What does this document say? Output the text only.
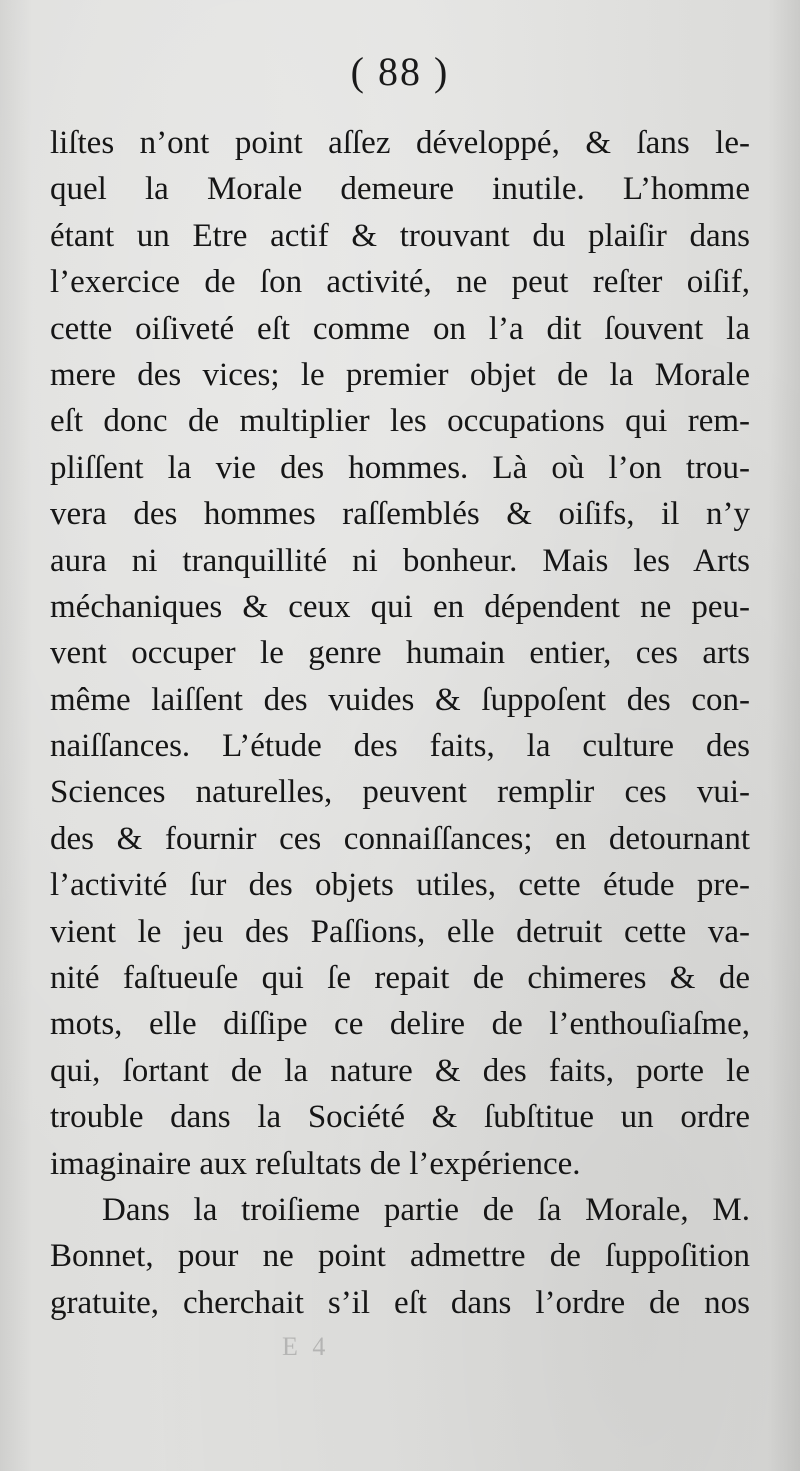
( 88 )
liſtes n’ont point aſſez développé, & ſans le-
quel la Morale demeure inutile. L’homme
étant un Etre actif & trouvant du plaiſir dans
l’exercice de ſon activité, ne peut reſter oiſif,
cette oiſiveté eſt comme on l’a dit ſouvent la
mere des vices; le premier objet de la Morale
eſt donc de multiplier les occupations qui rem-
pliſſent la vie des hommes. Là où l’on trou-
vera des hommes raſſemblés & oiſifs, il n’y
aura ni tranquillité ni bonheur. Mais les Arts
méchaniques & ceux qui en dépendent ne peu-
vent occuper le genre humain entier, ces arts
même laiſſent des vuides & ſuppoſent des con-
naiſſances. L’étude des faits, la culture des
Sciences naturelles, peuvent remplir ces vui-
des & fournir ces connaiſſances; en detournant
l’activité ſur des objets utiles, cette étude pre-
vient le jeu des Paſſions, elle detruit cette va-
nité faſtueuſe qui ſe repait de chimeres & de
mots, elle diſſipe ce delire de l’enthouſiaſme,
qui, ſortant de la nature & des faits, porte le
trouble dans la Société & ſubſtitue un ordre
imaginaire aux reſultats de l’expérience.
Dans la troiſieme partie de ſa Morale, M.
Bonnet, pour ne point admettre de ſuppoſition
gratuite, cherchait s’il eſt dans l’ordre de nos
E 4
